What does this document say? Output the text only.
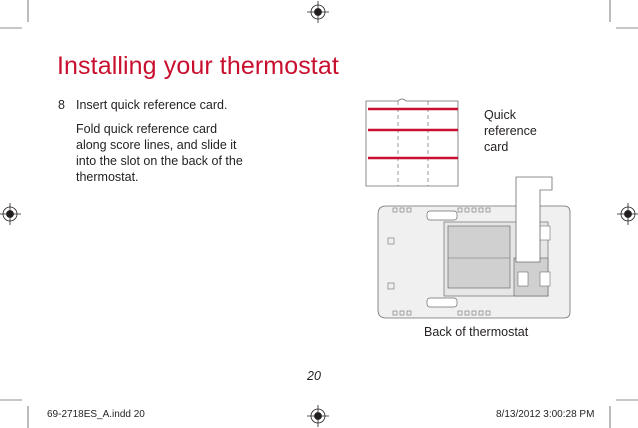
Installing your thermostat
8 Insert quick reference card.
Fold quick reference card along score lines, and slide it into the slot on the back of the thermostat.
Quick reference card
Back of thermostat
20
69-2718ES_A.indd 20	8/13/2012 3:00:28 PM
